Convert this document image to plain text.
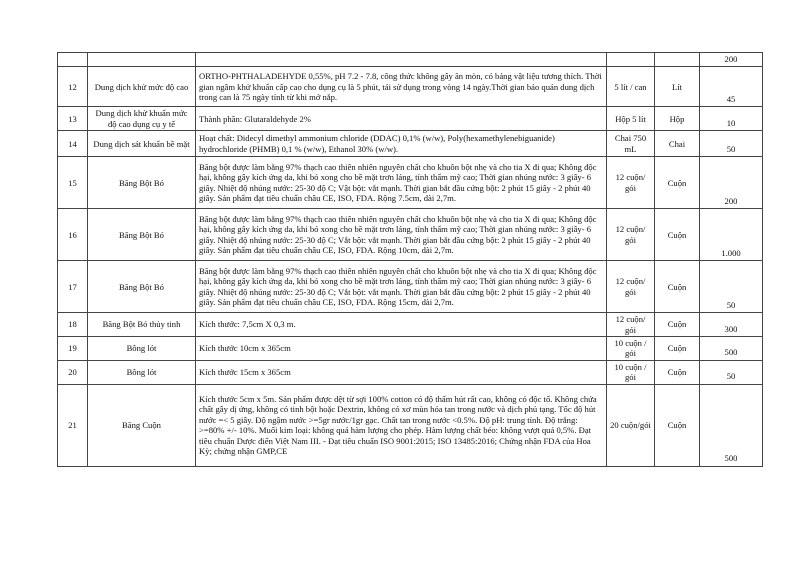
					200
12	Dung dịch khử mức độ cao	ORTHO-PHTHALADEHYDE 0,55%, pH 7.2 - 7.8, công thức không gây ăn mòn, có bảng vật liệu tương thích. Thời gian ngâm khử khuẩn cấp cao cho dụng cụ là 5 phút, tái sử dụng trong vòng 14 ngày.Thời gian bảo quản dung dịch trong can là 75 ngày tính từ khi mở nắp.	5 lít / can	Lít	45
13	Dung dịch khử khuẩn mức độ cao dụng cụ y tế	Thành phần: Glutaraldehyde 2%	Hộp 5 lít	Hộp	10
14	Dung dịch sát khuẩn bề mặt	Hoạt chất: Didecyl dimethyl ammonium chloride (DDAC) 0,1% (w/w), Poly(hexamethylenebiguanide) hydrochloride (PHMB) 0,1 % (w/w), Ethanol 30% (w/w).	Chai 750 mL	Chai	50
15	Băng Bột Bó	Băng bột được làm bằng 97% thạch cao thiên nhiên nguyên chất cho khuôn bột nhẹ và cho tia X đi qua; Không độc hại, không gây kích ứng da, khi bó xong cho bề mặt trơn láng, tính thẩm mỹ cao; Thời gian nhúng nước: 3 giây- 6 giây. Nhiệt độ nhúng nước: 25-30 độ C; Vật bột: vắt mạnh. Thời gian bắt đầu cứng bột: 2 phút 15 giây - 2 phút 40 giây. Sản phẩm đạt tiêu chuẩn châu CE, ISO, FDA. Rộng 7.5cm, dài 2,7m.	12 cuộn/ gói	Cuộn	200
16	Băng Bột Bó	Băng bột được làm bằng 97% thạch cao thiên nhiên nguyên chất cho khuôn bột nhẹ và cho tia X đi qua; Không độc hại, không gây kích ứng da, khi bó xong cho bề mặt trơn láng, tính thẩm mỹ cao; Thời gian nhúng nước: 3 giây- 6 giây. Nhiệt độ nhúng nước: 25-30 độ C; Vắt bột: vắt mạnh. Thời gian bắt đầu cứng bột: 2 phút 15 giây - 2 phút 40 giây. Sản phẩm đạt tiêu chuẩn châu CE, ISO, FDA. Rộng 10cm, dài 2,7m.	12 cuộn/ gói	Cuộn	1.000
17	Băng Bột Bó	Băng bột được làm bằng 97% thạch cao thiên nhiên nguyên chất cho khuôn bột nhẹ và cho tia X đi qua; Không độc hại, không gây kích ứng da, khi bó xong cho bề mặt trơn láng, tính thẩm mỹ cao; Thời gian nhúng nước: 3 giây- 6 giây. Nhiệt độ nhúng nước: 25-30 độ C; Vắt bột: vắt mạnh. Thời gian bắt đầu cứng bột: 2 phút 15 giây - 2 phút 40 giây. Sản phẩm đạt tiêu chuẩn châu CE, ISO, FDA. Rộng 15cm, dài 2,7m.	12 cuộn/ gói	Cuộn	50
18	Băng Bột Bó thủy tinh	Kích thước: 7,5cm X 0,3 m.	12 cuộn/ gói	Cuộn	300
19	Bông lót	Kích thước 10cm x 365cm	10 cuộn / gói	Cuộn	500
20	Bông lót	Kích thước 15cm x 365cm	10 cuộn / gói	Cuộn	50
21	Băng Cuộn	Kích thước 5cm x 5m. Sản phẩm được dệt từ sợi 100% cotton có độ thấm hút rất cao, không có độc tố. Không chứa chất gây dị ứng, không có tinh bột hoặc Dextrin, không có xơ mùn hóa tan trong nước và dịch phủ tạng. Tốc độ hút nước =< 5 giây. Độ ngậm nước >=5gr nước/1gr gạc. Chất tan trong nước <0.5%. Độ pH: trung tính. Độ trắng: >=80% +/- 10%. Muối kim loại: không quá hàm lượng cho phép. Hàm lượng chất béo: không vượt quá 0,5%. Đạt tiêu chuẩn Dược điển Việt Nam III. - Đạt tiêu chuẩn ISO 9001:2015; ISO 13485:2016; Chứng nhận FDA của Hoa Kỳ; chứng nhận GMP,CE	20 cuộn/gói	Cuộn	500
